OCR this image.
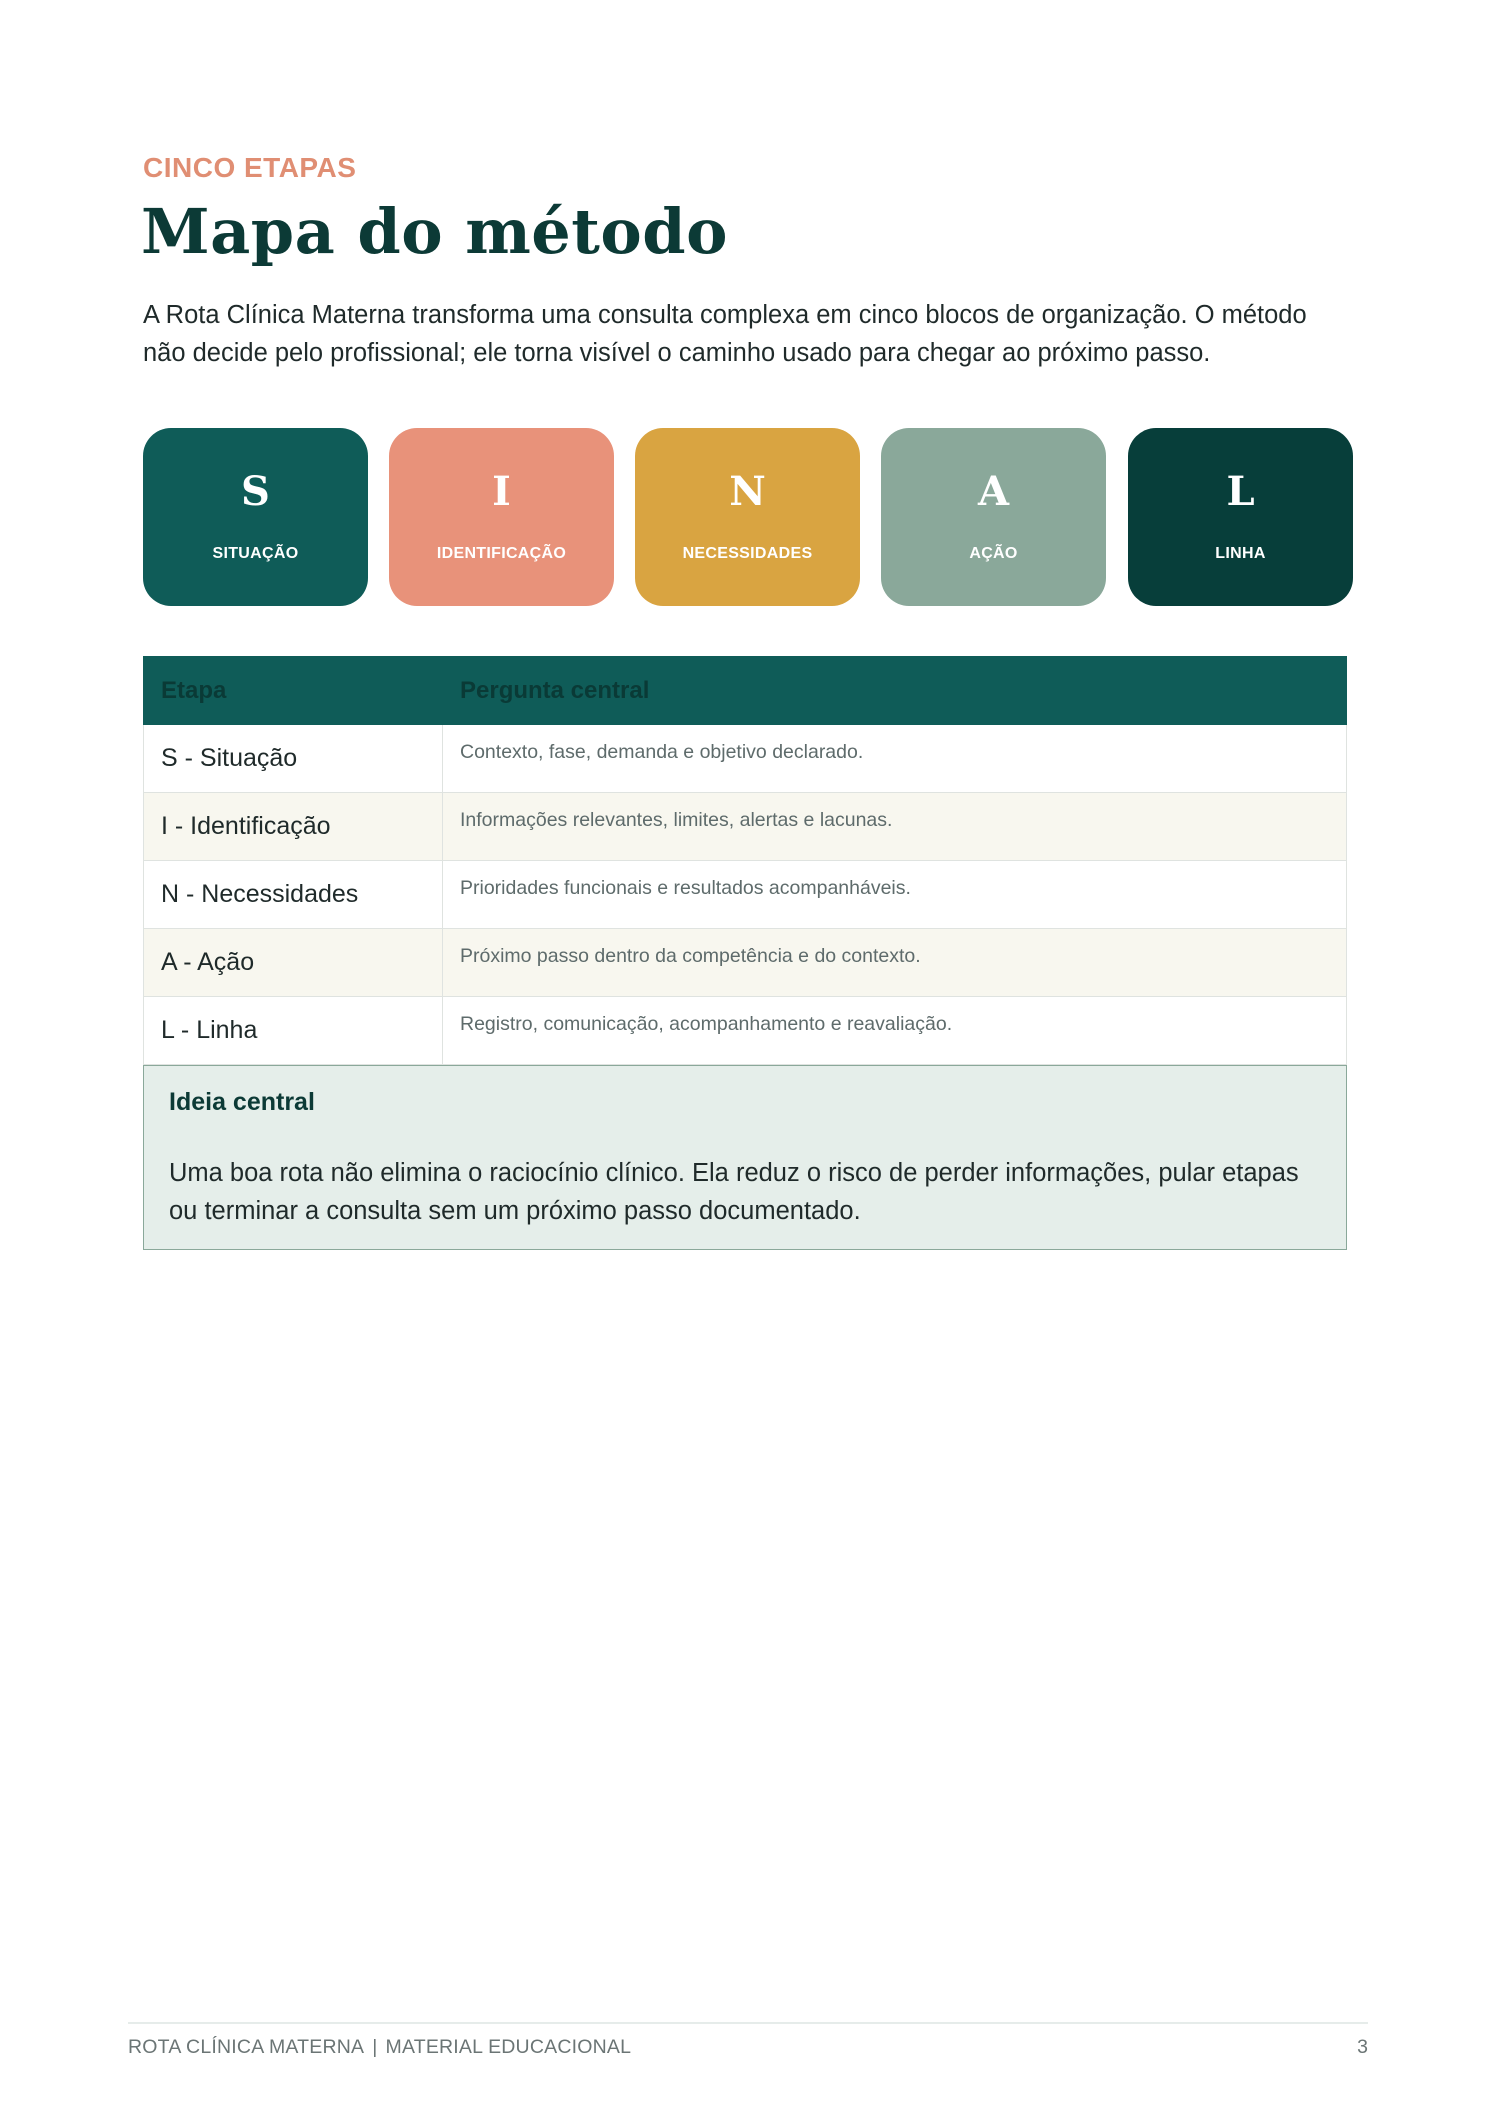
CINCO ETAPAS
Mapa do método

A Rota Clínica Materna transforma uma consulta complexa em cinco blocos de organização. O método não decide pelo profissional; ele torna visível o caminho usado para chegar ao próximo passo.

S
SITUAÇÃO
I
IDENTIFICAÇÃO
N
NECESSIDADES
A
AÇÃO
L
LINHA
Etapa	Pergunta central
S - Situação	Contexto, fase, demanda e objetivo declarado.
I - Identificação	Informações relevantes, limites, alertas e lacunas.
N - Necessidades	Prioridades funcionais e resultados acompanháveis.
A - Ação	Próximo passo dentro da competência e do contexto.
L - Linha	Registro, comunicação, acompanhamento e reavaliação.
Ideia central
Uma boa rota não elimina o raciocínio clínico. Ela reduz o risco de perder informações, pular etapas ou terminar a consulta sem um próximo passo documentado.
ROTA CLÍNICA MATERNA | MATERIAL EDUCACIONAL	3
